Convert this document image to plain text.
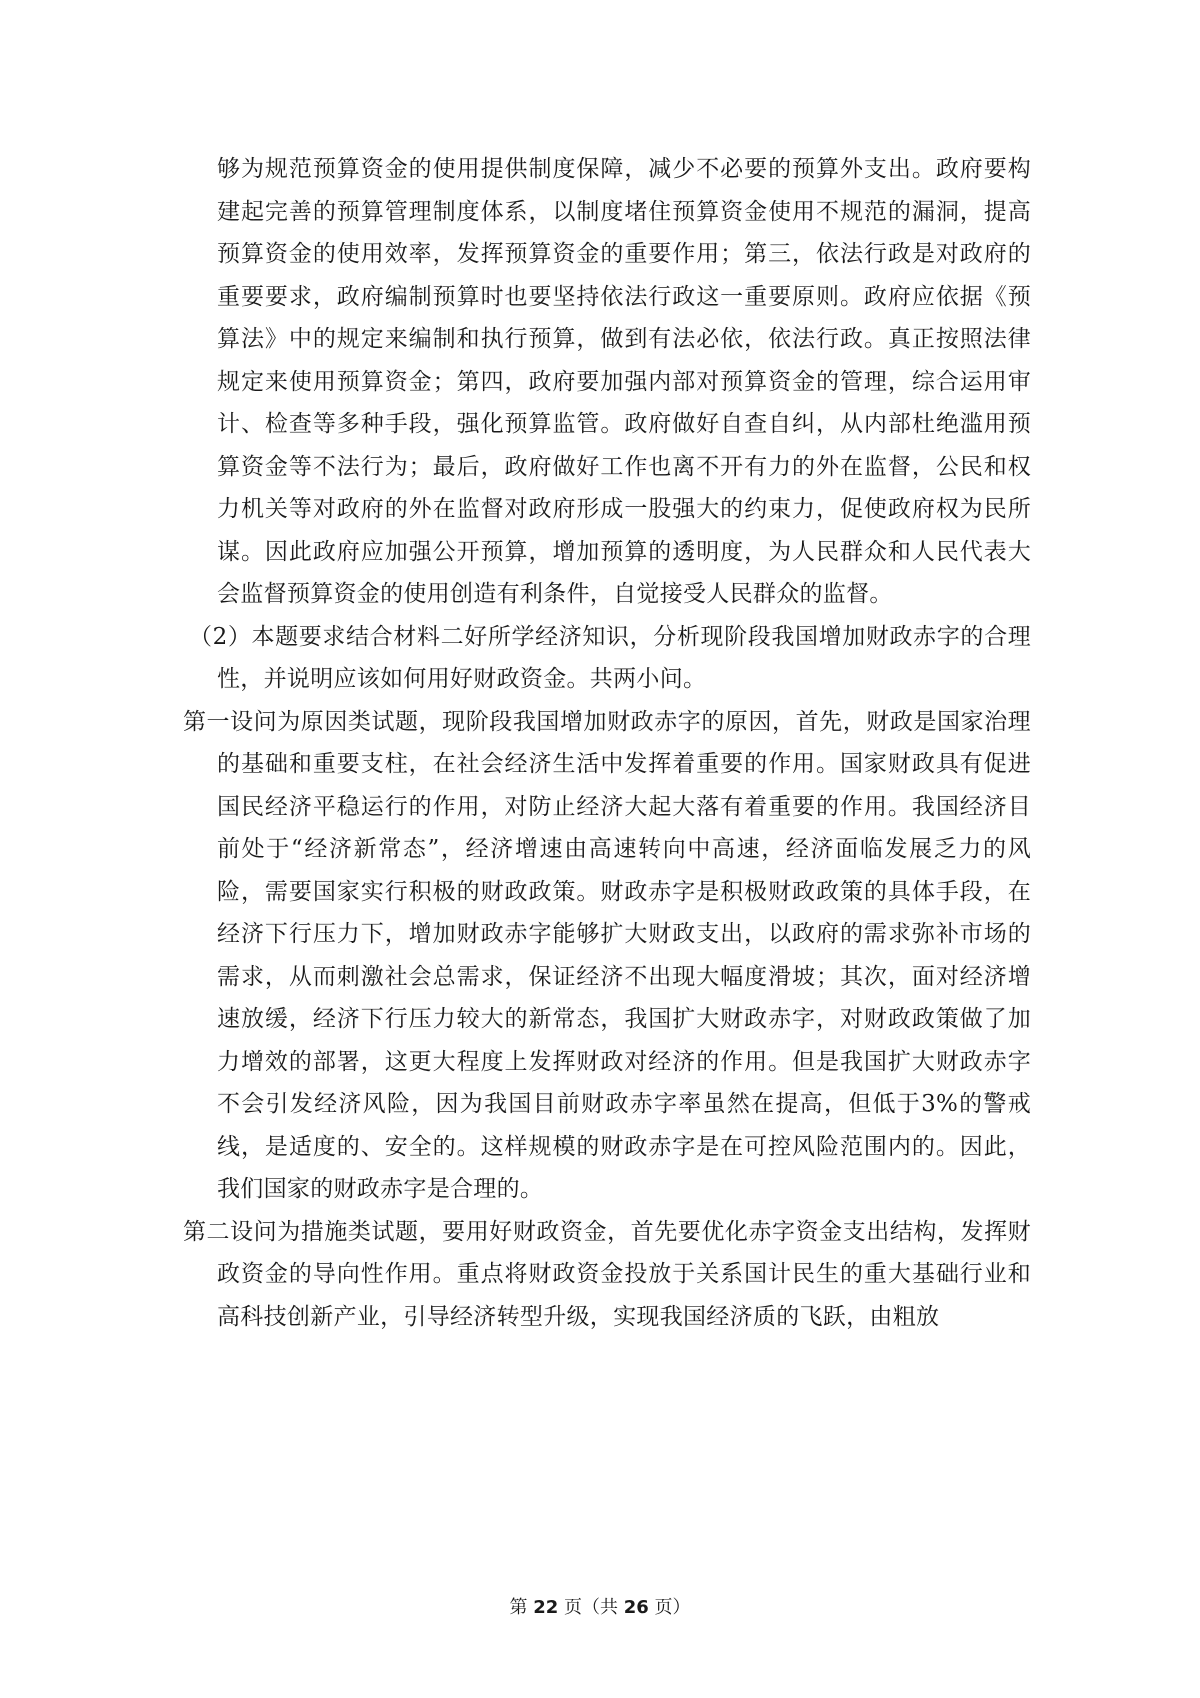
够为规范预算资金的使用提供制度保障，减少不必要的预算外支出。政府要构建起完善的预算管理制度体系，以制度堵住预算资金使用不规范的漏洞，提高预算资金的使用效率，发挥预算资金的重要作用；第三，依法行政是对政府的重要要求，政府编制预算时也要坚持依法行政这一重要原则。政府应依据《预算法》中的规定来编制和执行预算，做到有法必依，依法行政。真正按照法律规定来使用预算资金；第四，政府要加强内部对预算资金的管理，综合运用审计、检查等多种手段，强化预算监管。政府做好自查自纠，从内部杜绝滥用预算资金等不法行为；最后，政府做好工作也离不开有力的外在监督，公民和权力机关等对政府的外在监督对政府形成一股强大的约束力，促使政府权为民所谋。因此政府应加强公开预算，增加预算的透明度，为人民群众和人民代表大会监督预算资金的使用创造有利条件，自觉接受人民群众的监督。

（2）本题要求结合材料二好所学经济知识，分析现阶段我国增加财政赤字的合理性，并说明应该如何用好财政资金。共两小问。

第一设问为原因类试题，现阶段我国增加财政赤字的原因，首先，财政是国家治理的基础和重要支柱，在社会经济生活中发挥着重要的作用。国家财政具有促进国民经济平稳运行的作用，对防止经济大起大落有着重要的作用。我国经济目前处于“经济新常态”，经济增速由高速转向中高速，经济面临发展乏力的风险，需要国家实行积极的财政政策。财政赤字是积极财政政策的具体手段，在经济下行压力下，增加财政赤字能够扩大财政支出，以政府的需求弥补市场的需求，从而刺激社会总需求，保证经济不出现大幅度滑坡；其次，面对经济增速放缓，经济下行压力较大的新常态，我国扩大财政赤字，对财政政策做了加力增效的部署，这更大程度上发挥财政对经济的作用。但是我国扩大财政赤字不会引发经济风险，因为我国目前财政赤字率虽然在提高，但低于3%的警戒线，是适度的、安全的。这样规模的财政赤字是在可控风险范围内的。因此，我们国家的财政赤字是合理的。

第二设问为措施类试题，要用好财政资金，首先要优化赤字资金支出结构，发挥财政资金的导向性作用。重点将财政资金投放于关系国计民生的重大基础行业和高科技创新产业，引导经济转型升级，实现我国经济质的飞跃，由粗放

第 22 页（共 26 页）
